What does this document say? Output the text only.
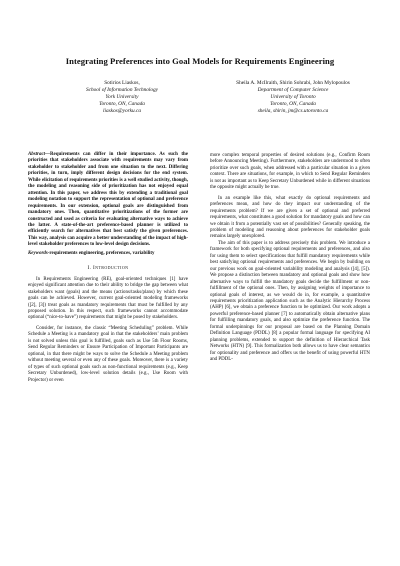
Integrating Preferences into Goal Models for Requirements Engineering
Sotirios Liaskos,
School of Information Technology
York University
Toronto, ON, Canada
liaskos@yorku.ca
Sheila A. McIlraith, Shirin Sohrabi, John Mylopoulos
Department of Computer Science
University of Toronto
Toronto, ON, Canada
sheila, shirin, jm@cs.utoronto.ca
Abstract—Requirements can differ in their importance. As such the priorities that stakeholders associate with requirements may vary from stakeholder to stakeholder and from one situation to the next. Differing priorities, in turn, imply different design decisions for the end system. While elicitation of requirements priorities is a well studied activity, though, the modeling and reasoning side of prioritization has not enjoyed equal attention. In this paper, we address this by extending a traditional goal modeling notation to support the representation of optional and preference requirements. In our extension, optional goals are distinguished from mandatory ones. Then, quantitative prioritizations of the former are constructed and used as criteria for evaluating alternative ways to achieve the latter. A state-of-the-art preference-based planner is utilized to efficiently search for alternatives that best satisfy the given preferences. This way, analysis can acquire a better understanding of the impact of high-level stakeholder preferences to low-level design decisions.
Keywords-requirements engineering, preferences, variability
I. Introduction

In Requirements Engineering (RE), goal-oriented techniques [1] have enjoyed significant attention due to their ability to bridge the gap between what stakeholders want (goals) and the means (actions/tasks/plans) by which these goals can be achieved. However, current goal-oriented modeling frameworks ([2], [3]) treat goals as mandatory requirements that must be fulfilled by any proposed solution. In this respect, such frameworks cannot accommodate optional (“nice-to-have”) requirements that might be posed by stakeholders.

Consider, for instance, the classic “Meeting Scheduling” problem. While Schedule a Meeting is a mandatory goal in that the stakeholders’ main problem is not solved unless this goal is fulfilled, goals such as Use 5th Floor Rooms, Send Regular Reminders or Ensure Participation of Important Participants are optional, in that there might be ways to solve the Schedule a Meeting problem without meeting several or even any of these goals. Moreover, there is a variety of types of such optional goals such as non-functional requirements (e.g., Keep Secretary Unburdened), low-level solution details (e.g., Use Room with Projector) or even

more complex temporal properties of desired solutions (e.g., Confirm Room before Announcing Meeting). Furthermore, stakeholders are understood to often prioritize over such goals, when addressed with a particular situation in a given context. There are situations, for example, in which to Send Regular Reminders is not as important as to Keep Secretary Unburdened while in different situations the opposite might actually be true.

In an example like this, what exactly do optional requirements and preferences mean, and how do they impact our understanding of the requirements problem? If we are given a set of optional and preferred requirements, what constitutes a good solution for mandatory goals and how can we obtain it from a potentially vast set of possibilities? Generally speaking, the problem of modeling and reasoning about preferences for stakeholder goals remains largely unexplored.

The aim of this paper is to address precisely this problem. We introduce a framework for both specifying optional requirements and preferences, and also for using them to select specifications that fulfill mandatory requirements while best satisfying optional requirements and preferences. We begin by building on our previous work on goal-oriented variability modeling and analysis ([4], [5]). We propose a distinction between mandatory and optional goals and show how alternative ways to fulfill the mandatory goals decide the fulfillment or non-fulfillment of the optional ones. Then, by assigning weights of importance to optional goals of interest, as we would do in, for example, a quantitative requirements prioritization application such as the Analytic Hierarchy Process (AHP) [6], we obtain a preference function to be optimized. Our work adopts a powerful preference-based planner [7] to automatically obtain alternative plans for fulfilling mandatory goals, and also optimize the preference function. The formal underpinnings for our proposal are based on the Planning Domain Definition Language (PDDL) [8] a popular formal language for specifying AI planning problems, extended to support the definition of Hierarchical Task Networks (HTN) [9]. This formalization both allows us to have clear semantics for optionality and preference and offers us the benefit of using powerful HTN and PDDL-
